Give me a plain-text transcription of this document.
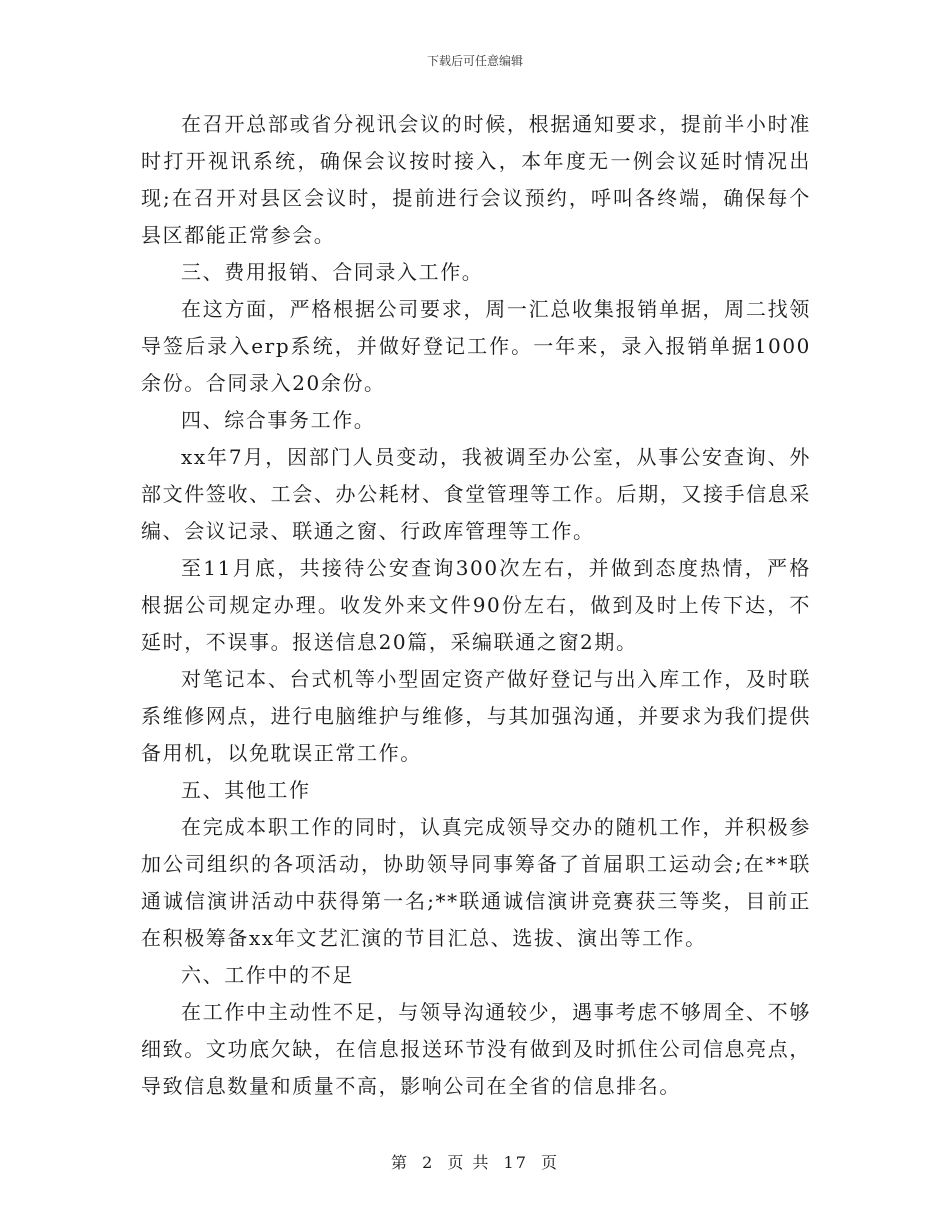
下载后可任意编辑

在召开总部或省分视讯会议的时候，根据通知要求，提前半小时准时打开视讯系统，确保会议按时接入，本年度无一例会议延时情况出现;在召开对县区会议时，提前进行会议预约，呼叫各终端，确保每个县区都能正常参会。

三、费用报销、合同录入工作。

在这方面，严格根据公司要求，周一汇总收集报销单据，周二找领导签后录入erp系统，并做好登记工作。一年来，录入报销单据1000余份。合同录入20余份。

四、综合事务工作。

xx年7月，因部门人员变动，我被调至办公室，从事公安查询、外部文件签收、工会、办公耗材、食堂管理等工作。后期，又接手信息采编、会议记录、联通之窗、行政库管理等工作。

至11月底，共接待公安查询300次左右，并做到态度热情，严格根据公司规定办理。收发外来文件90份左右，做到及时上传下达，不延时，不误事。报送信息20篇，采编联通之窗2期。

对笔记本、台式机等小型固定资产做好登记与出入库工作，及时联系维修网点，进行电脑维护与维修，与其加强沟通，并要求为我们提供备用机，以免耽误正常工作。

五、其他工作

在完成本职工作的同时，认真完成领导交办的随机工作，并积极参加公司组织的各项活动，协助领导同事筹备了首届职工运动会;在**联通诚信演讲活动中获得第一名;**联通诚信演讲竞赛获三等奖，目前正在积极筹备xx年文艺汇演的节目汇总、选拔、演出等工作。

六、工作中的不足

在工作中主动性不足，与领导沟通较少，遇事考虑不够周全、不够细致。文功底欠缺，在信息报送环节没有做到及时抓住公司信息亮点，导致信息数量和质量不高，影响公司在全省的信息排名。

第 2 页 共 17 页
